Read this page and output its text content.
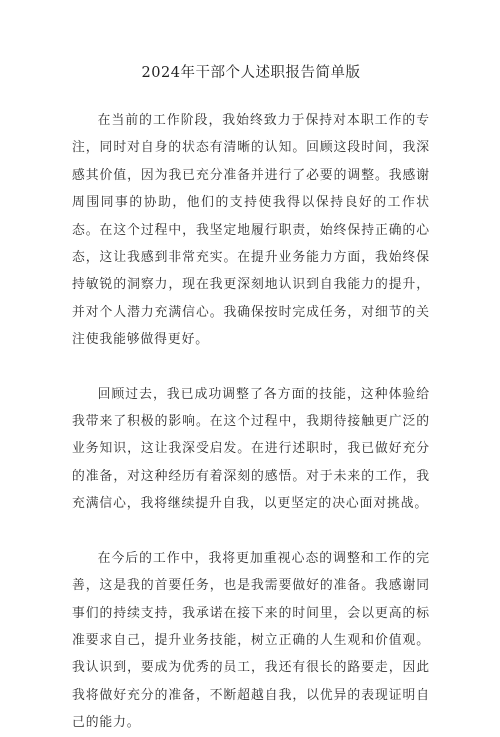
2024年干部个人述职报告简单版

在当前的工作阶段，我始终致力于保持对本职工作的专注，同时对自身的状态有清晰的认知。回顾这段时间，我深感其价值，因为我已充分准备并进行了必要的调整。我感谢周围同事的协助，他们的支持使我得以保持良好的工作状态。在这个过程中，我坚定地履行职责，始终保持正确的心态，这让我感到非常充实。在提升业务能力方面，我始终保持敏锐的洞察力，现在我更深刻地认识到自我能力的提升，并对个人潜力充满信心。我确保按时完成任务，对细节的关注使我能够做得更好。

回顾过去，我已成功调整了各方面的技能，这种体验给我带来了积极的影响。在这个过程中，我期待接触更广泛的业务知识，这让我深受启发。在进行述职时，我已做好充分的准备，对这种经历有着深刻的感悟。对于未来的工作，我充满信心，我将继续提升自我，以更坚定的决心面对挑战。

在今后的工作中，我将更加重视心态的调整和工作的完善，这是我的首要任务，也是我需要做好的准备。我感谢同事们的持续支持，我承诺在接下来的时间里，会以更高的标准要求自己，提升业务技能，树立正确的人生观和价值观。我认识到，要成为优秀的员工，我还有很长的路要走，因此我将做好充分的准备，不断超越自我，以优异的表现证明自己的能力。
